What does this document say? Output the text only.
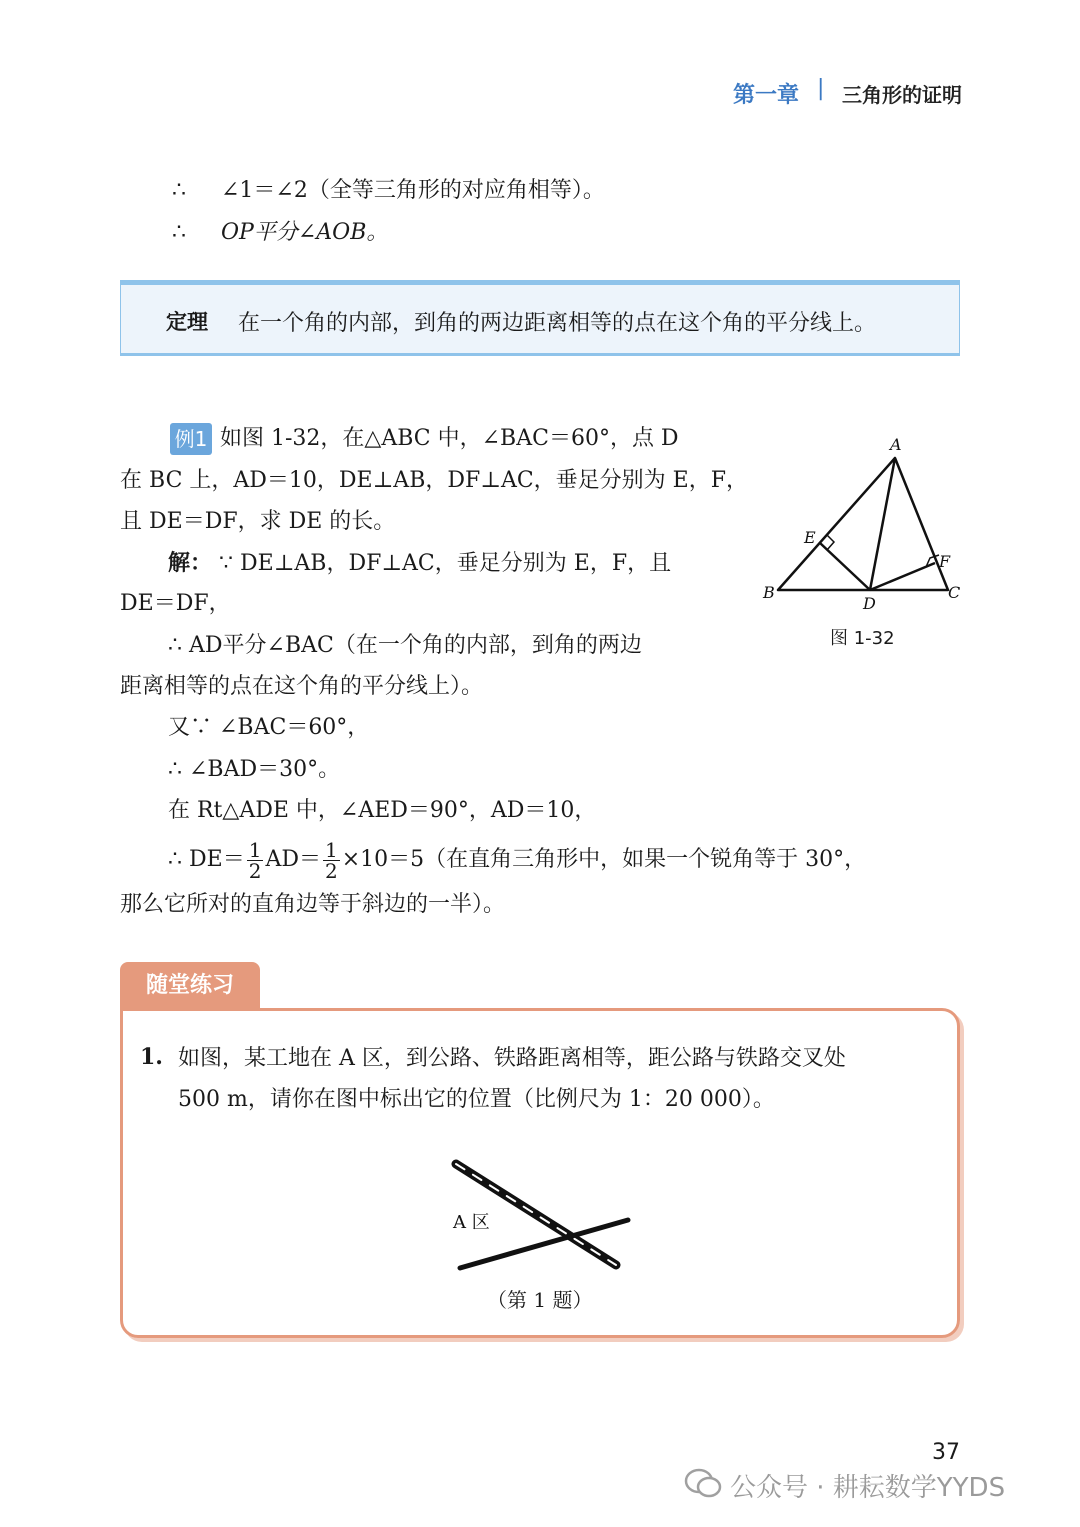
第一章 | 三角形的证明
∴ ∠1＝∠2（全等三角形的对应角相等）。
∴ OP平分∠AOB。
定理 在一个角的内部，到角的两边距离相等的点在这个角的平分线上。
例1 如图 1-32，在△ABC 中，∠BAC＝60°，点 D
在 BC 上，AD＝10，DE⊥AB，DF⊥AC，垂足分别为 E，F，
且 DE＝DF，求 DE 的长。
解： ∵ DE⊥AB，DF⊥AC，垂足分别为 E，F，且
DE＝DF，
∴ AD平分∠BAC（在一个角的内部，到角的两边
距离相等的点在这个角的平分线上）。
又∵ ∠BAC＝60°，
∴ ∠BAD＝30°。
在 Rt△ADE 中，∠AED＝90°，AD＝10，
∴ $DE= \frac{1}{2} AD= \frac{1}{2} \times 10=5$（在直角三角形中，如果一个锐角等于 30°，
那么它所对的直角边等于斜边的一半）。
A
B	C
D
E
F
图 1-32
随堂练习
1. 如图，某工地在 A 区，到公路、铁路距离相等，距公路与铁路交叉处
500 m，请你在图中标出它的位置（比例尺为 1：20 000）。
A 区
（第 1 题）
37
公众号 · 耕耘数学YYDS
